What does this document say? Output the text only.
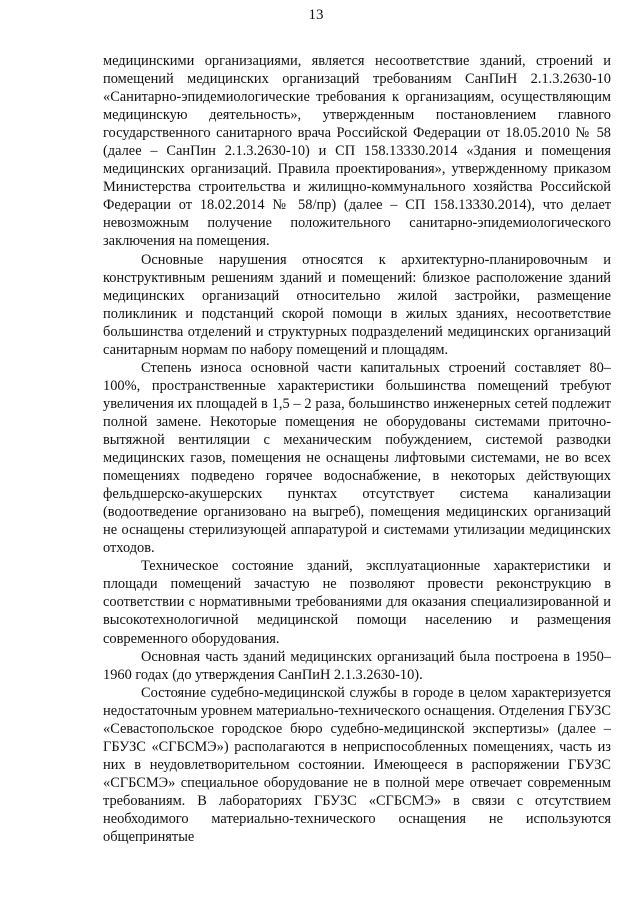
13

медицинскими организациями, является несоответствие зданий, строений и помещений медицинских организаций требованиям СанПиН 2.1.3.2630-10 «Санитарно-эпидемиологические требования к организациям, осуществляющим медицинскую деятельность», утвержденным постановлением главного государственного санитарного врача Российской Федерации от 18.05.2010 № 58 (далее – СанПин 2.1.3.2630-10) и СП 158.13330.2014 «Здания и помещения медицинских организаций. Правила проектирования», утвержденному приказом Министерства строительства и жилищно-коммунального хозяйства Российской Федерации от 18.02.2014 № 58/пр) (далее – СП 158.13330.2014), что делает невозможным получение положительного санитарно-эпидемиологического заключения на помещения.

Основные нарушения относятся к архитектурно-планировочным и конструктивным решениям зданий и помещений: близкое расположение зданий медицинских организаций относительно жилой застройки, размещение поликлиник и подстанций скорой помощи в жилых зданиях, несоответствие большинства отделений и структурных подразделений медицинских организаций санитарным нормам по набору помещений и площадям.

Степень износа основной части капитальных строений составляет 80–100%, пространственные характеристики большинства помещений требуют увеличения их площадей в 1,5 – 2 раза, большинство инженерных сетей подлежит полной замене. Некоторые помещения не оборудованы системами приточно-вытяжной вентиляции с механическим побуждением, системой разводки медицинских газов, помещения не оснащены лифтовыми системами, не во всех помещениях подведено горячее водоснабжение, в некоторых действующих фельдшерско-акушерских пунктах отсутствует система канализации (водоотведение организовано на выгреб), помещения медицинских организаций не оснащены стерилизующей аппаратурой и системами утилизации медицинских отходов.

Техническое состояние зданий, эксплуатационные характеристики и площади помещений зачастую не позволяют провести реконструкцию в соответствии с нормативными требованиями для оказания специализированной и высокотехнологичной медицинской помощи населению и размещения современного оборудования.

Основная часть зданий медицинских организаций была построена в 1950–1960 годах (до утверждения СанПиН 2.1.3.2630-10).

Состояние судебно-медицинской службы в городе в целом характеризуется недостаточным уровнем материально-технического оснащения. Отделения ГБУЗС «Севастопольское городское бюро судебно-медицинской экспертизы» (далее – ГБУЗС «СГБСМЭ») располагаются в неприспособленных помещениях, часть из них в неудовлетворительном состоянии. Имеющееся в распоряжении ГБУЗС «СГБСМЭ» специальное оборудование не в полной мере отвечает современным требованиям. В лабораториях ГБУЗС «СГБСМЭ» в связи с отсутствием необходимого материально-технического оснащения не используются общепринятые
